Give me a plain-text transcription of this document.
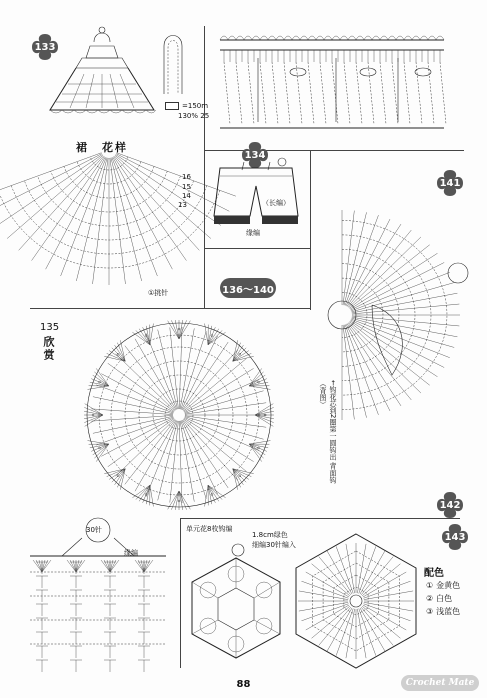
133
=150m
130% 25
裙　花样
16
15
14
13
①挑针
134
（长编）
缘编
141
←钩花芯到2圈第一圆钩出 背面钩（背图）
136～140
135
欣赏
142
143
30针
缘编
单元花8枚钩编
1.8cm绿色
细编30针编入
配色
① 金黄色
② 白色
③ 浅蓝色
88	Crochet Mate
